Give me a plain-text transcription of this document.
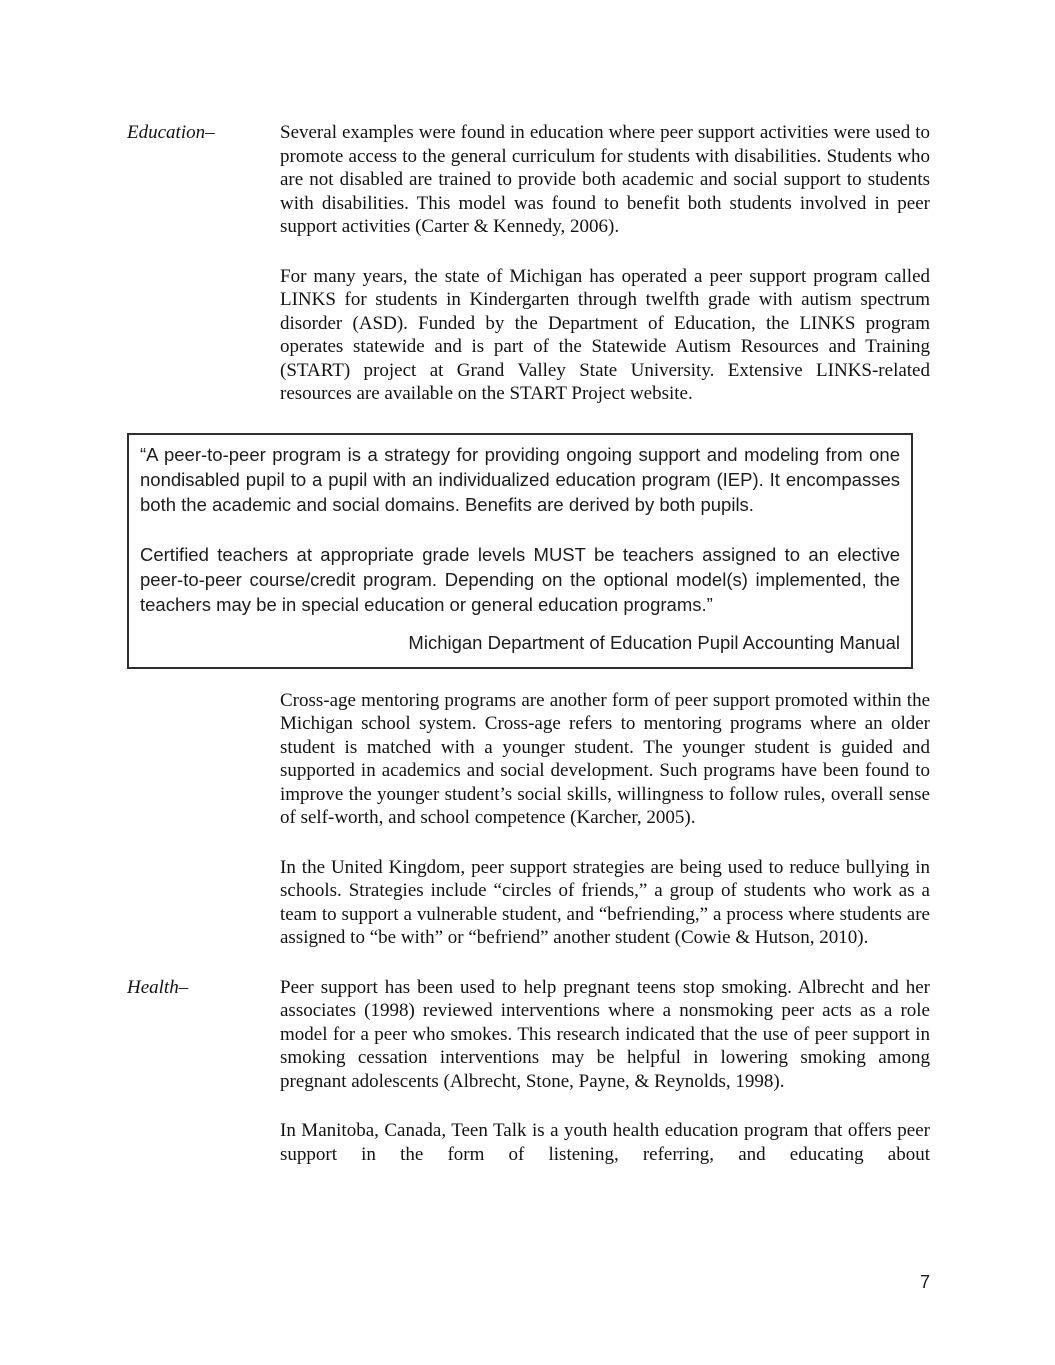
Education–	Several examples were found in education where peer support activities were used to promote access to the general curriculum for students with disabilities. Students who are not disabled are trained to provide both academic and social support to students with disabilities. This model was found to benefit both students involved in peer support activities (Carter & Kennedy, 2006).

For many years, the state of Michigan has operated a peer support program called LINKS for students in Kindergarten through twelfth grade with autism spectrum disorder (ASD). Funded by the Department of Education, the LINKS program operates statewide and is part of the Statewide Autism Resources and Training (START) project at Grand Valley State University. Extensive LINKS-related resources are available on the START Project website.

“A peer-to-peer program is a strategy for providing ongoing support and modeling from one nondisabled pupil to a pupil with an individualized education program (IEP). It encompasses both the academic and social domains. Benefits are derived by both pupils.

Certified teachers at appropriate grade levels MUST be teachers assigned to an elective peer-to-peer course/credit program. Depending on the optional model(s) implemented, the teachers may be in special education or general education programs.”

Michigan Department of Education Pupil Accounting Manual

Cross-age mentoring programs are another form of peer support promoted within the Michigan school system. Cross-age refers to mentoring programs where an older student is matched with a younger student. The younger student is guided and supported in academics and social development. Such programs have been found to improve the younger student’s social skills, willingness to follow rules, overall sense of self-worth, and school competence (Karcher, 2005).

In the United Kingdom, peer support strategies are being used to reduce bullying in schools. Strategies include “circles of friends,” a group of students who work as a team to support a vulnerable student, and “befriending,” a process where students are assigned to “be with” or “befriend” another student (Cowie & Hutson, 2010).

Health–	Peer support has been used to help pregnant teens stop smoking. Albrecht and her associates (1998) reviewed interventions where a nonsmoking peer acts as a role model for a peer who smokes. This research indicated that the use of peer support in smoking cessation interventions may be helpful in lowering smoking among pregnant adolescents (Albrecht, Stone, Payne, & Reynolds, 1998).

In Manitoba, Canada, Teen Talk is a youth health education program that offers peer support in the form of listening, referring, and educating about

7
